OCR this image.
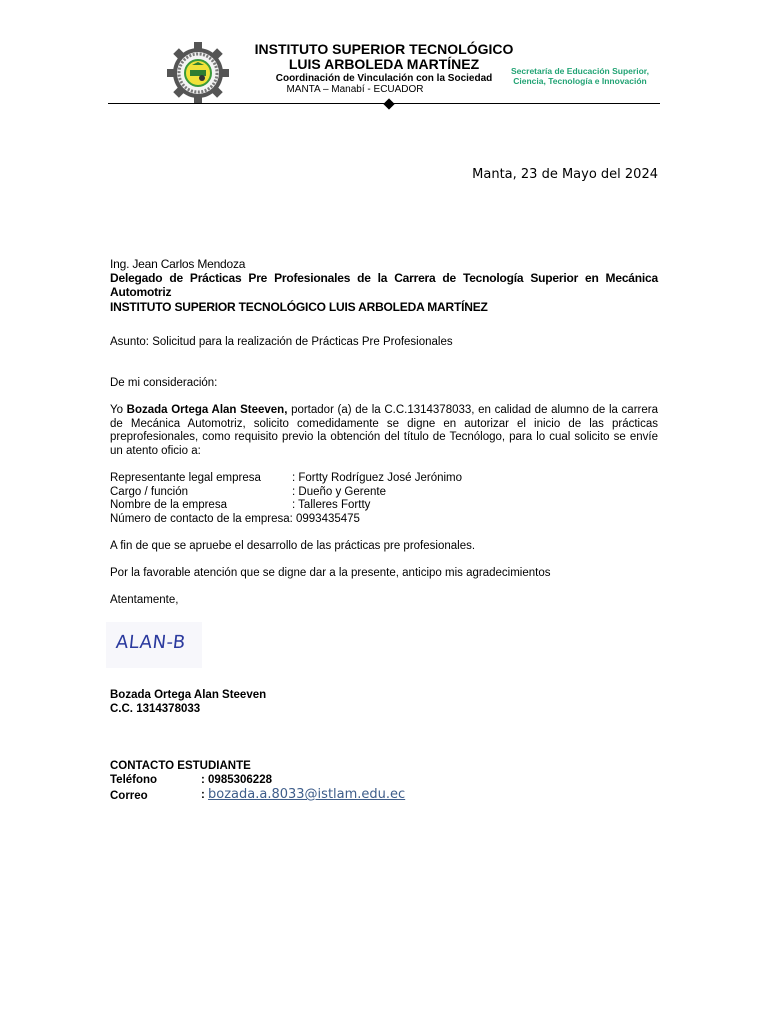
INSTITUTO SUPERIOR TECNOLÓGICO
LUIS ARBOLEDA MARTÍNEZ
Coordinación de Vinculación con la Sociedad
MANTA – Manabí - ECUADOR
Secretaría de Educación Superior,
Ciencia, Tecnología e Innovación
Manta, 23 de Mayo del 2024
Ing. Jean Carlos Mendoza
Delegado de Prácticas Pre Profesionales de la Carrera de Tecnología Superior en Mecánica Automotriz
INSTITUTO SUPERIOR TECNOLÓGICO LUIS ARBOLEDA MARTÍNEZ
Asunto: Solicitud para la realización de Prácticas Pre Profesionales
De mi consideración:
Yo Bozada Ortega Alan Steeven, portador (a) de la C.C.1314378033, en calidad de alumno de la carrera de Mecánica Automotriz, solicito comedidamente se digne en autorizar el inicio de las prácticas preprofesionales, como requisito previo la obtención del título de Tecnólogo, para lo cual solicito se envíe un atento oficio a:
Representante legal empresa	: Fortty Rodríguez José Jerónimo
Cargo / función	: Dueño y Gerente
Nombre de la empresa	: Talleres Fortty
Número de contacto de la empresa: 0993435475
A fin de que se apruebe el desarrollo de las prácticas pre profesionales.
Por la favorable atención que se digne dar a la presente, anticipo mis agradecimientos
Atentamente,
ALAN-B
Bozada Ortega Alan Steeven
C.C. 1314378033
CONTACTO ESTUDIANTE
Teléfono	: 0985306228
Correo	: bozada.a.8033@istlam.edu.ec
